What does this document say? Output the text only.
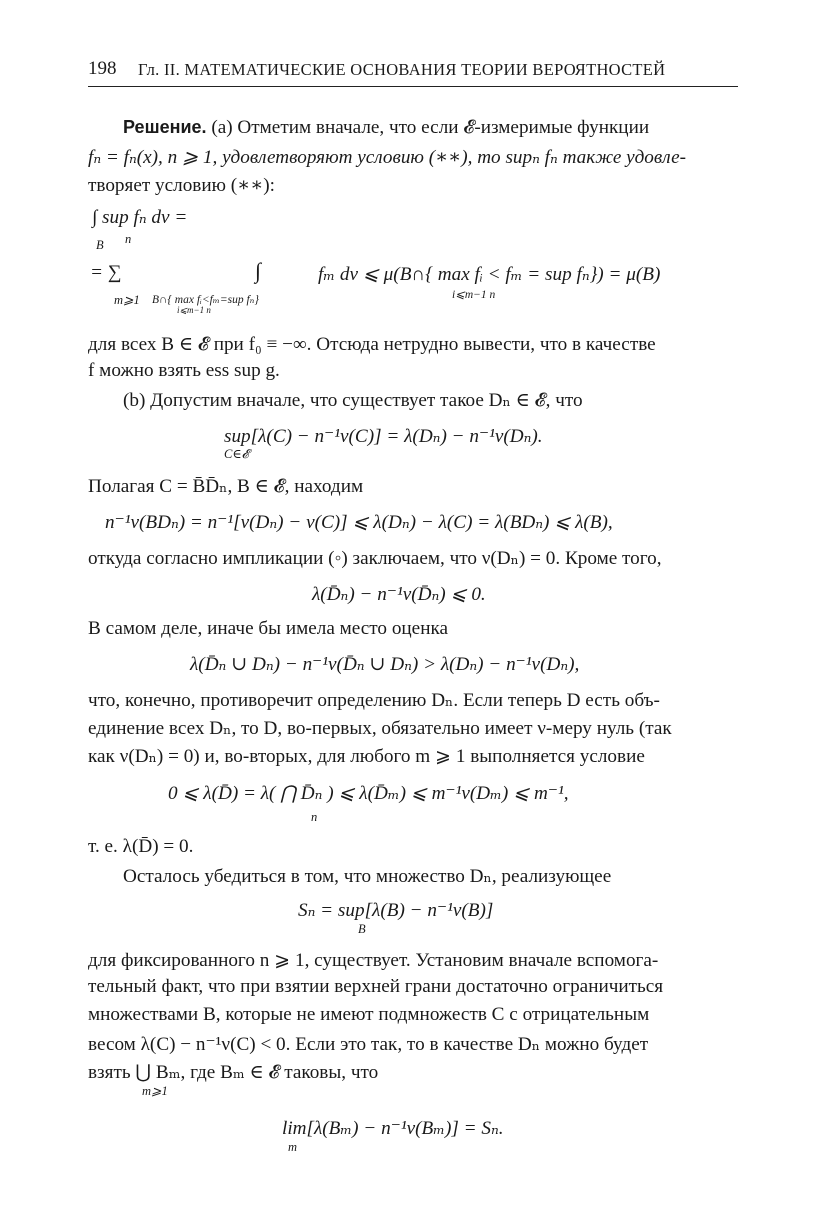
198 Гл. II. МАТЕМАТИЧЕСКИЕ ОСНОВАНИЯ ТЕОРИИ ВЕРОЯТНОСТЕЙ
Решение. (a) Отметим вначале, что если 𝓔-измеримые функции
fₙ = fₙ(x), n ⩾ 1, удовлетворяют условию (∗∗), то supₙ fₙ также удовле-
творяет условию (∗∗):
∫ sup fₙ dν =
B n
= ∑
m⩾1
∫
B∩{ max fᵢ<fₘ=sup fₙ}
i⩽m−1 n
fₘ dν ⩽ μ(B∩{ max fᵢ < fₘ = sup fₙ}) = μ(B)
i⩽m−1 n
для всех B ∈ 𝓔 при f₀ ≡ −∞. Отсюда нетрудно вывести, что в качестве
f можно взять ess sup g.
(b) Допустим вначале, что существует такое Dₙ ∈ 𝓔, что
sup[λ(C) − n⁻¹ν(C)] = λ(Dₙ) − n⁻¹ν(Dₙ).
C∈𝓔
Полагая C = B̄D̄ₙ, B ∈ 𝓔, находим
n⁻¹ν(BDₙ) = n⁻¹[ν(Dₙ) − ν(C)] ⩽ λ(Dₙ) − λ(C) = λ(BDₙ) ⩽ λ(B),
откуда согласно импликации (◦) заключаем, что ν(Dₙ) = 0. Кроме того,
λ(D̄ₙ) − n⁻¹ν(D̄ₙ) ⩽ 0.
В самом деле, иначе бы имела место оценка
λ(D̄ₙ ∪ Dₙ) − n⁻¹ν(D̄ₙ ∪ Dₙ) > λ(Dₙ) − n⁻¹ν(Dₙ),
что, конечно, противоречит определению Dₙ. Если теперь D есть объ-
единение всех Dₙ, то D, во-первых, обязательно имеет ν-меру нуль (так
как ν(Dₙ) = 0) и, во-вторых, для любого m ⩾ 1 выполняется условие
0 ⩽ λ(D̄) = λ( ⋂ D̄ₙ ) ⩽ λ(D̄ₘ) ⩽ m⁻¹ν(Dₘ) ⩽ m⁻¹,
n
т. е. λ(D̄) = 0.
Осталось убедиться в том, что множество Dₙ, реализующее
Sₙ = sup[λ(B) − n⁻¹ν(B)]
B
для фиксированного n ⩾ 1, существует. Установим вначале вспомога-
тельный факт, что при взятии верхней грани достаточно ограничиться
множествами B, которые не имеют подмножеств C с отрицательным
весом λ(C) − n⁻¹ν(C) < 0. Если это так, то в качестве Dₙ можно будет
взять ⋃ Bₘ, где Bₘ ∈ 𝓔 таковы, что
m⩾1
lim[λ(Bₘ) − n⁻¹ν(Bₘ)] = Sₙ.
m
